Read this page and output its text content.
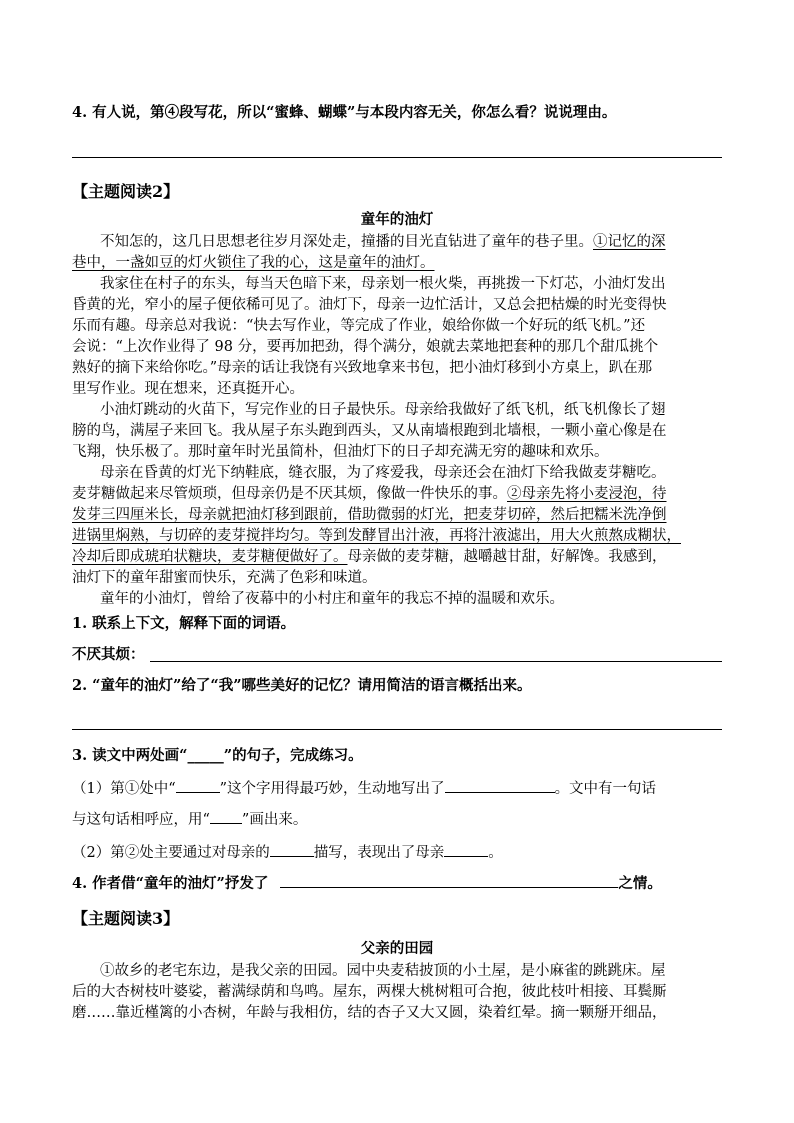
4. 有人说，第④段写花，所以“蜜蜂、蝴蝶”与本段内容无关，你怎么看？说说理由。
【主题阅读2】
童年的油灯
不知怎的，这几日思想老往岁月深处走，撞播的目光直钻进了童年的巷子里。①记忆的深
巷中，一盏如豆的灯火锁住了我的心，这是童年的油灯。
我家住在村子的东头，每当天色暗下来，母亲划一根火柴，再挑拨一下灯芯，小油灯发出
昏黄的光，窄小的屋子便依稀可见了。油灯下，母亲一边忙活计，又总会把枯燥的时光变得快
乐而有趣。母亲总对我说：“快去写作业，等完成了作业，娘给你做一个好玩的纸飞机。”还
会说：“上次作业得了 98 分，要再加把劲，得个满分，娘就去菜地把套种的那几个甜瓜挑个
熟好的摘下来给你吃。”母亲的话让我饶有兴致地拿来书包，把小油灯移到小方桌上，趴在那
里写作业。现在想来，还真挺开心。
小油灯跳动的火苗下，写完作业的日子最快乐。母亲给我做好了纸飞机，纸飞机像长了翅
膀的鸟，满屋子来回飞。我从屋子东头跑到西头，又从南墙根跑到北墙根，一颗小童心像是在
飞翔，快乐极了。那时童年时光虽简朴，但油灯下的日子却充满无穷的趣味和欢乐。
母亲在昏黄的灯光下纳鞋底，缝衣服，为了疼爱我，母亲还会在油灯下给我做麦芽糖吃。
麦芽糖做起来尽管烦琐，但母亲仍是不厌其烦，像做一件快乐的事。②母亲先将小麦浸泡，待
发芽三四厘米长，母亲就把油灯移到跟前，借助微弱的灯光，把麦芽切碎，然后把糯米洗净倒
进锅里焖熟，与切碎的麦芽搅拌均匀。等到发酵冒出汁液，再将汁液滤出，用大火煎熬成糊状，
冷却后即成琥珀状糖块，麦芽糖便做好了。母亲做的麦芽糖，越嚼越甘甜，好解馋。我感到，
油灯下的童年甜蜜而快乐，充满了色彩和味道。
童年的小油灯，曾给了夜幕中的小村庄和童年的我忘不掉的温暖和欢乐。
1. 联系上下文，解释下面的词语。
不厌其烦：
2. “童年的油灯”给了“我”哪些美好的记忆？请用简洁的语言概括出来。
3. 读文中两处画“_____”的句子，完成练习。
（1）第①处中“	”这个字用得最巧妙，生动地写出了	。文中有一句话
与这句话相呼应，用“ ”画出来。
（2）第②处主要通过对母亲的	描写，表现出了母亲	。
4. 作者借“童年的油灯”抒发了	之情。
【主题阅读3】
父亲的田园
①故乡的老宅东边，是我父亲的田园。园中央麦秸披顶的小土屋，是小麻雀的跳跳床。屋
后的大杏树枝叶婆娑，蓄满绿荫和鸟鸣。屋东，两棵大桃树粗可合抱，彼此枝叶相接、耳鬓厮
磨……靠近槿篱的小杏树，年龄与我相仿，结的杏子又大又圆，染着红晕。摘一颗掰开细品，
